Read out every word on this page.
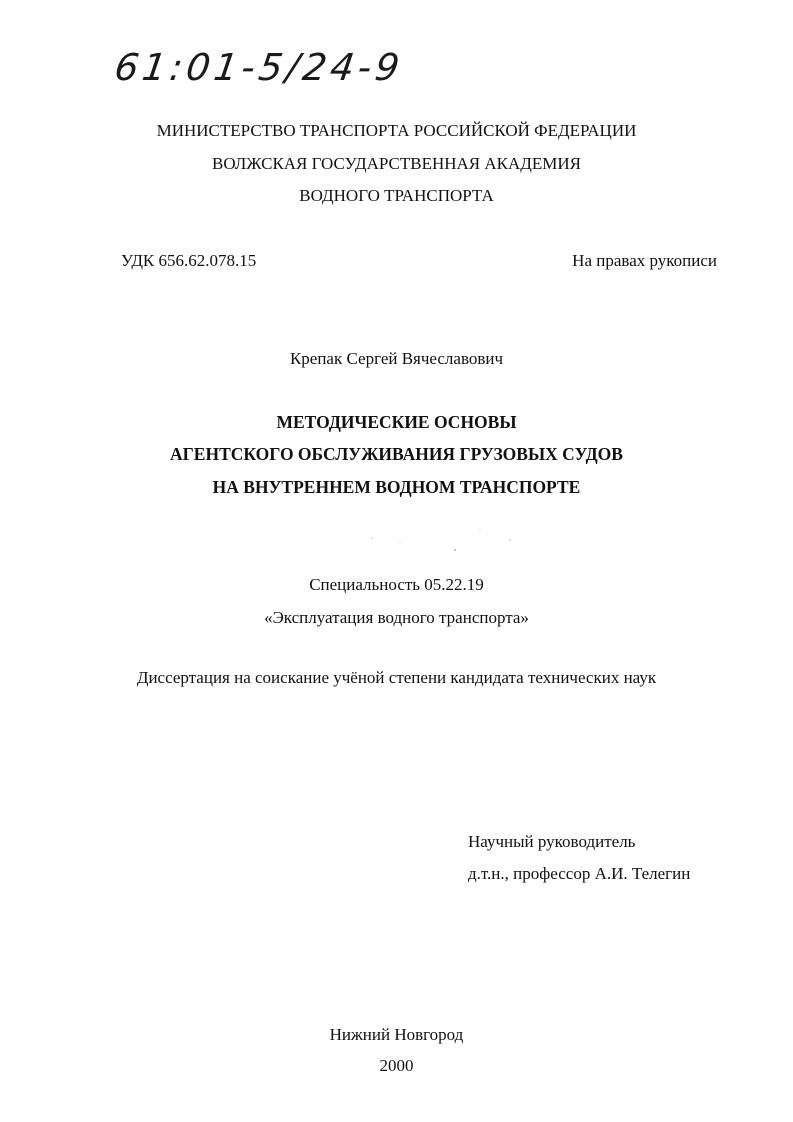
61:01-5/24-9
МИНИСТЕРСТВО ТРАНСПОРТА РОССИЙСКОЙ ФЕДЕРАЦИИ
ВОЛЖСКАЯ ГОСУДАРСТВЕННАЯ АКАДЕМИЯ
ВОДНОГО ТРАНСПОРТА
УДК 656.62.078.15	На правах рукописи
Крепак Сергей Вячеславович
МЕТОДИЧЕСКИЕ ОСНОВЫ
АГЕНТСКОГО ОБСЛУЖИВАНИЯ ГРУЗОВЫХ СУДОВ
НА ВНУТРЕННЕМ ВОДНОМ ТРАНСПОРТЕ
Специальность 05.22.19
«Эксплуатация водного транспорта»
Диссертация на соискание учёной степени кандидата технических наук
Научный руководитель
д.т.н., профессор А.И. Телегин
Нижний Новгород
2000
